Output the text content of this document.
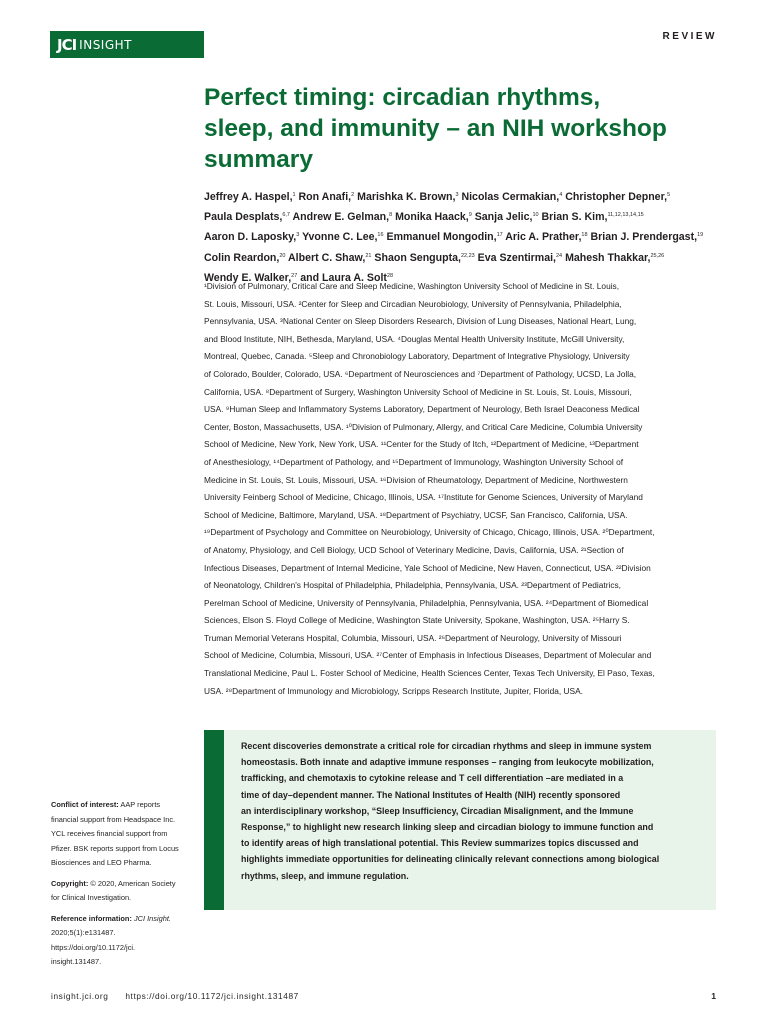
JCI INSIGHT
REVIEW
Perfect timing: circadian rhythms,
sleep, and immunity – an NIH workshop
summary
Jeffrey A. Haspel,$^1$ Ron Anafi,$^2$ Marishka K. Brown,$^3$ Nicolas Cermakian,$^4$ Christopher Depner,$^5$
Paula Desplats,$^{6,7}$ Andrew E. Gelman,$^8$ Monika Haack,$^9$ Sanja Jelic,$^{10}$ Brian S. Kim,$^{11,12,13,14,15}$
Aaron D. Laposky,$^3$ Yvonne C. Lee,$^{16}$ Emmanuel Mongodin,$^{17}$ Aric A. Prather,$^{18}$ Brian J. Prendergast,$^{19}$
Colin Reardon,$^{20}$ Albert C. Shaw,$^{21}$ Shaon Sengupta,$^{22,23}$ Eva Szentirmai,$^{24}$ Mahesh Thakkar,$^{25,26}$
Wendy E. Walker,$^{27}$ and Laura A. Solt$^{28}$
¹Division of Pulmonary, Critical Care and Sleep Medicine, Washington University School of Medicine in St. Louis,
St. Louis, Missouri, USA. ²Center for Sleep and Circadian Neurobiology, University of Pennsylvania, Philadelphia,
Pennsylvania, USA. ³National Center on Sleep Disorders Research, Division of Lung Diseases, National Heart, Lung,
and Blood Institute, NIH, Bethesda, Maryland, USA. ⁴Douglas Mental Health University Institute, McGill University,
Montreal, Quebec, Canada. ⁵Sleep and Chronobiology Laboratory, Department of Integrative Physiology, University
of Colorado, Boulder, Colorado, USA. ⁶Department of Neurosciences and ⁷Department of Pathology, UCSD, La Jolla,
California, USA. ⁸Department of Surgery, Washington University School of Medicine in St. Louis, St. Louis, Missouri,
USA. ⁹Human Sleep and Inflammatory Systems Laboratory, Department of Neurology, Beth Israel Deaconess Medical
Center, Boston, Massachusetts, USA. ¹⁰Division of Pulmonary, Allergy, and Critical Care Medicine, Columbia University
School of Medicine, New York, New York, USA. ¹¹Center for the Study of Itch, ¹²Department of Medicine, ¹³Department
of Anesthesiology, ¹⁴Department of Pathology, and ¹⁵Department of Immunology, Washington University School of
Medicine in St. Louis, St. Louis, Missouri, USA. ¹⁶Division of Rheumatology, Department of Medicine, Northwestern
University Feinberg School of Medicine, Chicago, Illinois, USA. ¹⁷Institute for Genome Sciences, University of Maryland
School of Medicine, Baltimore, Maryland, USA. ¹⁸Department of Psychiatry, UCSF, San Francisco, California, USA.
¹⁹Department of Psychology and Committee on Neurobiology, University of Chicago, Chicago, Illinois, USA. ²⁰Department,
of Anatomy, Physiology, and Cell Biology, UCD School of Veterinary Medicine, Davis, California, USA. ²¹Section of
Infectious Diseases, Department of Internal Medicine, Yale School of Medicine, New Haven, Connecticut, USA. ²²Division
of Neonatology, Children's Hospital of Philadelphia, Philadelphia, Pennsylvania, USA. ²³Department of Pediatrics,
Perelman School of Medicine, University of Pennsylvania, Philadelphia, Pennsylvania, USA. ²⁴Department of Biomedical
Sciences, Elson S. Floyd College of Medicine, Washington State University, Spokane, Washington, USA. ²⁵Harry S.
Truman Memorial Veterans Hospital, Columbia, Missouri, USA. ²⁶Department of Neurology, University of Missouri
School of Medicine, Columbia, Missouri, USA. ²⁷Center of Emphasis in Infectious Diseases, Department of Molecular and
Translational Medicine, Paul L. Foster School of Medicine, Health Sciences Center, Texas Tech University, El Paso, Texas,
USA. ²⁸Department of Immunology and Microbiology, Scripps Research Institute, Jupiter, Florida, USA.
Recent discoveries demonstrate a critical role for circadian rhythms and sleep in immune system
homeostasis. Both innate and adaptive immune responses – ranging from leukocyte mobilization,
trafficking, and chemotaxis to cytokine release and T cell differentiation –are mediated in a
time of day–dependent manner. The National Institutes of Health (NIH) recently sponsored
an interdisciplinary workshop, “Sleep Insufficiency, Circadian Misalignment, and the Immune
Response,” to highlight new research linking sleep and circadian biology to immune function and
to identify areas of high translational potential. This Review summarizes topics discussed and
highlights immediate opportunities for delineating clinically relevant connections among biological
rhythms, sleep, and immune regulation.
Conflict of interest: AAP reports
financial support from Headspace Inc.
YCL receives financial support from
Pfizer. BSK reports support from Locus
Biosciences and LEO Pharma.
Copyright: © 2020, American Society
for Clinical Investigation.
Reference information: JCI Insight.
2020;5(1):e131487.
https://doi.org/10.1172/jci.
insight.131487.
insight.jci.org https://doi.org/10.1172/jci.insight.131487	1
